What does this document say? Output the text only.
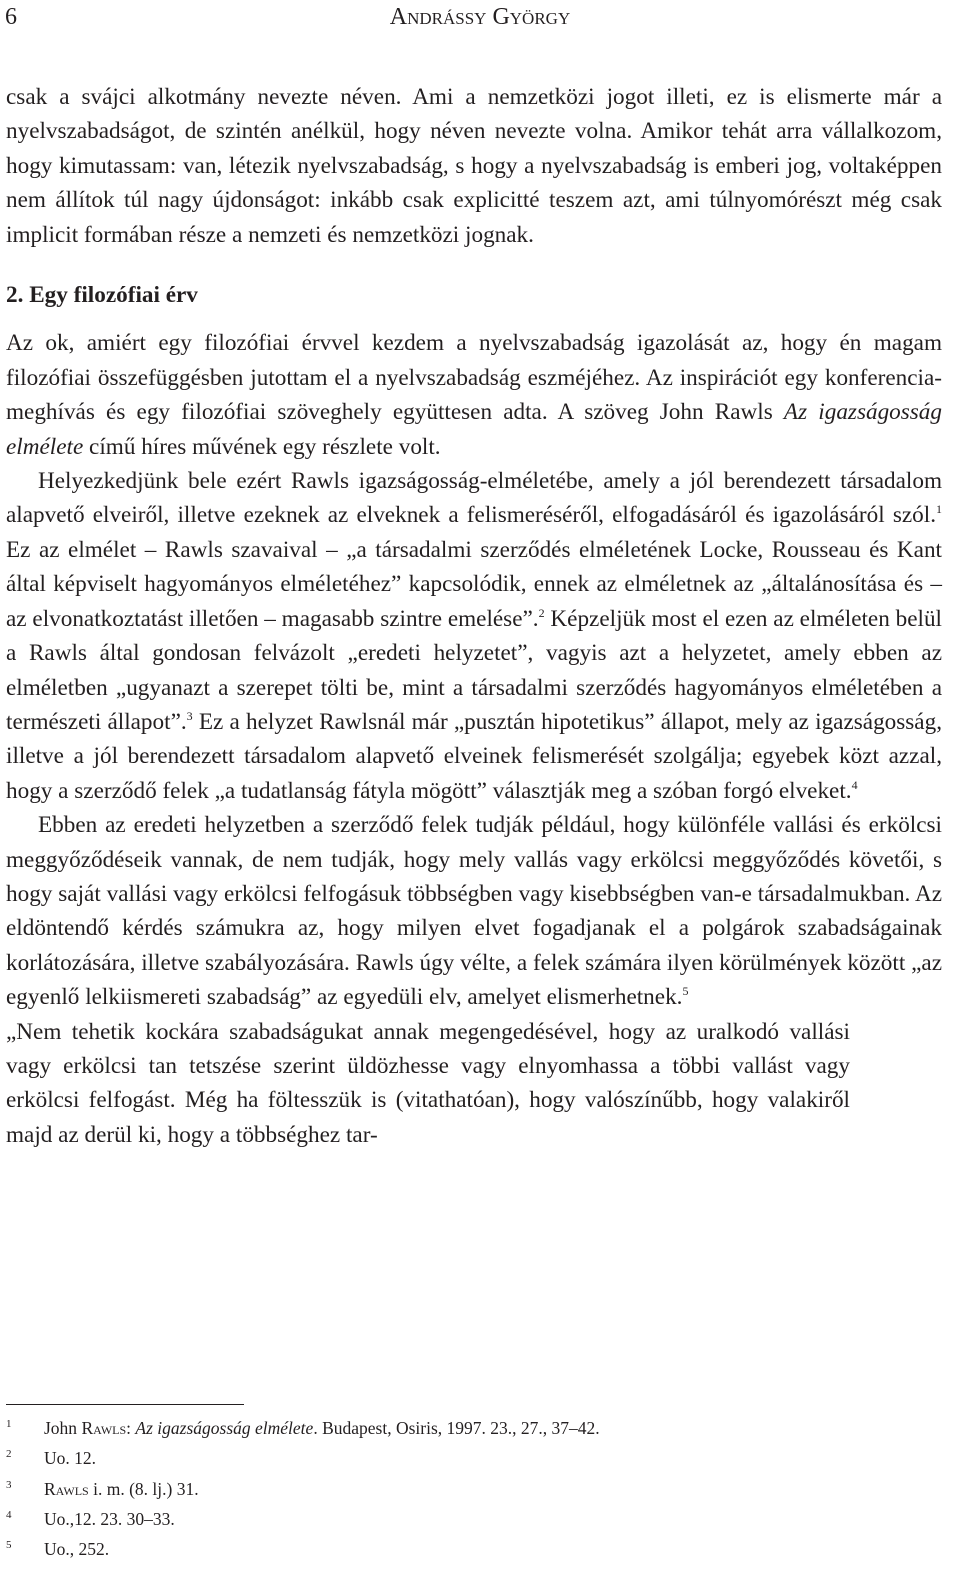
6	Andrássy György

csak a svájci alkotmány nevezte néven. Ami a nemzetközi jogot illeti, ez is elismerte már a nyelvszabadságot, de szintén anélkül, hogy néven nevezte volna. Amikor tehát arra vállalkozom, hogy kimutassam: van, létezik nyelvszabadság, s hogy a nyelvszabadság is emberi jog, voltaképpen nem állítok túl nagy újdonságot: inkább csak explicitté teszem azt, ami túlnyomórészt még csak implicit formában része a nemzeti és nemzetközi jognak.

2. Egy filozófiai érv

Az ok, amiért egy filozófiai érvvel kezdem a nyelvszabadság igazolását az, hogy én magam filozófiai összefüggésben jutottam el a nyelvszabadság eszméjéhez. Az inspirációt egy konferencia-meghívás és egy filozófiai szöveghely együttesen adta. A szöveg John Rawls Az igazságosság elmélete című híres művének egy részlete volt.

Helyezkedjünk bele ezért Rawls igazságosság-elméletébe, amely a jól berendezett társadalom alapvető elveiről, illetve ezeknek az elveknek a felismeréséről, elfogadásáról és igazolásáról szól.$^1$ Ez az elmélet – Rawls szavaival – „a társadalmi szerződés elméletének Locke, Rousseau és Kant által képviselt hagyományos elméletéhez” kapcsolódik, ennek az elméletnek az „általánosítása és – az elvonatkoztatást illetően – magasabb szintre emelése”.$^2$ Képzeljük most el ezen az elméleten belül a Rawls által gondosan felvázolt „eredeti helyzetet”, vagyis azt a helyzetet, amely ebben az elméletben „ugyanazt a szerepet tölti be, mint a társadalmi szerződés hagyományos elméletében a természeti állapot”.$^3$ Ez a helyzet Rawlsnál már „pusztán hipotetikus” állapot, mely az igazságosság, illetve a jól berendezett társadalom alapvető elveinek felismerését szolgálja; egyebek közt azzal, hogy a szerződő felek „a tudatlanság fátyla mögött” választják meg a szóban forgó elveket.$^4$

Ebben az eredeti helyzetben a szerződő felek tudják például, hogy különféle vallási és erkölcsi meggyőződéseik vannak, de nem tudják, hogy mely vallás vagy erkölcsi meggyőződés követői, s hogy saját vallási vagy erkölcsi felfogásuk többségben vagy kisebbségben van-e társadalmukban. Az eldöntendő kérdés számukra az, hogy milyen elvet fogadjanak el a polgárok szabadságainak korlátozására, illetve szabályozására. Rawls úgy vélte, a felek számára ilyen körülmények között „az egyenlő lelkiismereti szabadság” az egyedüli elv, amelyet elismerhetnek.$^5$

„Nem tehetik kockára szabadságukat annak megengedésével, hogy az uralkodó vallási vagy erkölcsi tan tetszése szerint üldözhesse vagy elnyomhassa a többi vallást vagy erkölcsi felfogást. Még ha föltesszük is (vitathatóan), hogy valószínűbb, hogy valakiről majd az derül ki, hogy a többséghez tar-

1 John Rawls: Az igazságosság elmélete. Budapest, Osiris, 1997. 23., 27., 37–42.
2 Uo. 12.
3 Rawls i. m. (8. lj.) 31.
4 Uo.,12. 23. 30–33.
5 Uo., 252.
